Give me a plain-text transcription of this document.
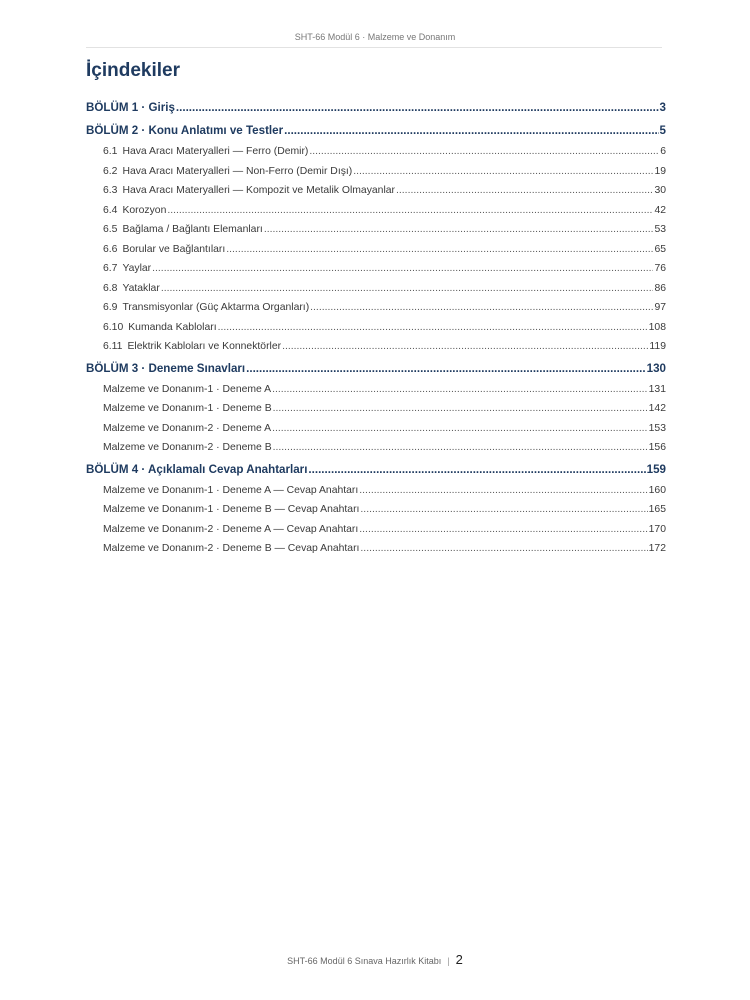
SHT-66 Modül 6 · Malzeme ve Donanım
İçindekiler
BÖLÜM 1 · Giriş .....	3
BÖLÜM 2 · Konu Anlatımı ve Testler .....	5
6.1 Hava Aracı Materyalleri — Ferro (Demir) .....	6
6.2 Hava Aracı Materyalleri — Non-Ferro (Demir Dışı) .....	19
6.3 Hava Aracı Materyalleri — Kompozit ve Metalik Olmayanlar .....	30
6.4 Korozyon .....	42
6.5 Bağlama / Bağlantı Elemanları .....	53
6.6 Borular ve Bağlantıları .....	65
6.7 Yaylar .....	76
6.8 Yataklar .....	86
6.9 Transmisyonlar (Güç Aktarma Organları) .....	97
6.10 Kumanda Kabloları .....	108
6.11 Elektrik Kabloları ve Konnektörler .....	119
BÖLÜM 3 · Deneme Sınavları .....	130
Malzeme ve Donanım-1 · Deneme A .....	131
Malzeme ve Donanım-1 · Deneme B .....	142
Malzeme ve Donanım-2 · Deneme A .....	153
Malzeme ve Donanım-2 · Deneme B .....	156
BÖLÜM 4 · Açıklamalı Cevap Anahtarları .....	159
Malzeme ve Donanım-1 · Deneme A — Cevap Anahtarı .....	160
Malzeme ve Donanım-1 · Deneme B — Cevap Anahtarı .....	165
Malzeme ve Donanım-2 · Deneme A — Cevap Anahtarı .....	170
Malzeme ve Donanım-2 · Deneme B — Cevap Anahtarı .....	172
SHT-66 Modül 6 Sınava Hazırlık Kitabı | 2
